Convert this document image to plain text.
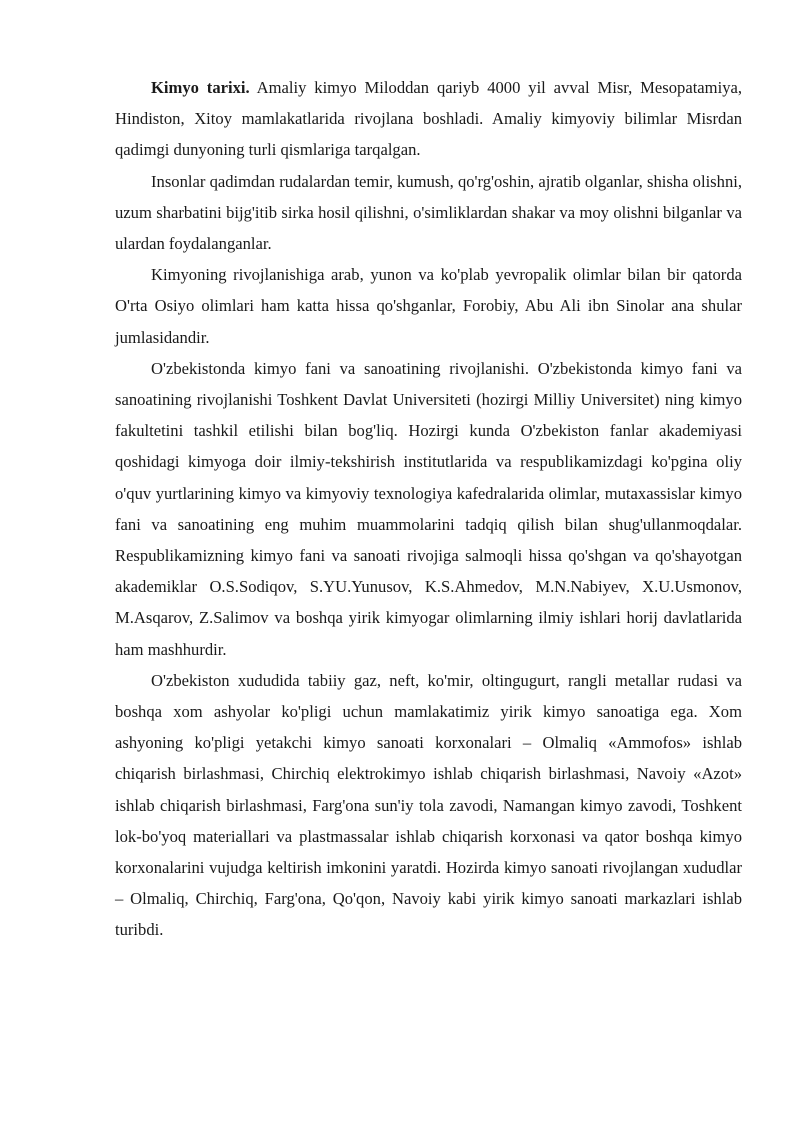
Kimyo tarixi. Amaliy kimyo Miloddan qariyb 4000 yil avval Misr, Mesopatamiya, Hindiston, Xitoy mamlakatlarida rivojlana boshladi. Amaliy kimyoviy bilimlar Misrdan qadimgi dunyoning turli qismlariga tarqalgan.

Insonlar qadimdan rudalardan temir, kumush, qo'rg'oshin, ajratib olganlar, shisha olishni, uzum sharbatini bijg'itib sirka hosil qilishni, o'simliklardan shakar va moy olishni bilganlar va ulardan foydalanganlar.

Kimyoning rivojlanishiga arab, yunon va ko'plab yevropalik olimlar bilan bir qatorda O'rta Osiyo olimlari ham katta hissa qo'shganlar, Forobiy, Abu Ali ibn Sinolar ana shular jumlasidandir.

O'zbekistonda kimyo fani va sanoatining rivojlanishi. O'zbekistonda kimyo fani va sanoatining rivojlanishi Toshkent Davlat Universiteti (hozirgi Milliy Universitet) ning kimyo fakultetini tashkil etilishi bilan bog'liq. Hozirgi kunda O'zbekiston fanlar akademiyasi qoshidagi kimyoga doir ilmiy-tekshirish institutlarida va respublikamizdagi ko'pgina oliy o'quv yurtlarining kimyo va kimyoviy texnologiya kafedralarida olimlar, mutaxassislar kimyo fani va sanoatining eng muhim muammolarini tadqiq qilish bilan shug'ullanmoqdalar. Respublikamizning kimyo fani va sanoati rivojiga salmoqli hissa qo'shgan va qo'shayotgan akademiklar O.S.Sodiqov, S.YU.Yunusov, K.S.Ahmedov, M.N.Nabiyev, X.U.Usmonov, M.Asqarov, Z.Salimov va boshqa yirik kimyogar olimlarning ilmiy ishlari horij davlatlarida ham mashhurdir.

O'zbekiston xududida tabiiy gaz, neft, ko'mir, oltingugurt, rangli metallar rudasi va boshqa xom ashyolar ko'pligi uchun mamlakatimiz yirik kimyo sanoatiga ega. Xom ashyoning ko'pligi yetakchi kimyo sanoati korxonalari – Olmaliq «Ammofos» ishlab chiqarish birlashmasi, Chirchiq elektrokimyo ishlab chiqarish birlashmasi, Navoiy «Azot» ishlab chiqarish birlashmasi, Farg'ona sun'iy tola zavodi, Namangan kimyo zavodi, Toshkent lok-bo'yoq materiallari va plastmassalar ishlab chiqarish korxonasi va qator boshqa kimyo korxonalarini vujudga keltirish imkonini yaratdi. Hozirda kimyo sanoati rivojlangan xududlar – Olmaliq, Chirchiq, Farg'ona, Qo'qon, Navoiy kabi yirik kimyo sanoati markazlari ishlab turibdi.
